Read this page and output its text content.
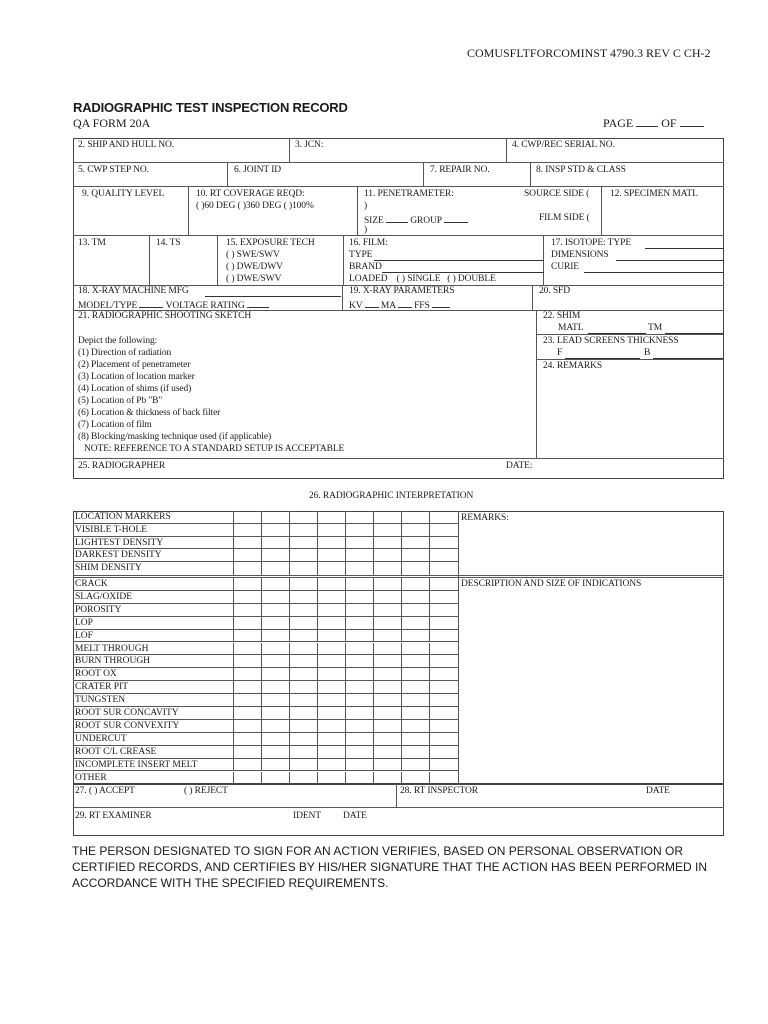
COMUSFLTFORCOMINST 4790.3 REV C CH-2
RADIOGRAPHIC TEST INSPECTION RECORD
QA FORM 20A	PAGE OF
2. SHIP AND HULL NO.	3. JCN:	4. CWP/REC SERIAL NO.
5. CWP STEP NO.	6. JOINT ID	7. REPAIR NO.	8. INSP STD & CLASS
9. QUALITY LEVEL	10. RT COVERAGE REQD:
( )60 DEG ( )360 DEG ( )100%
11. PENETRAMETER:	SOURCE SIDE (
)
SIZE	GROUP	FILM SIDE (
)
12. SPECIMEN MATL
13. TM	14. TS	15. EXPOSURE TECH
( ) SWE/SWV
( ) DWE/DWV
( ) DWE/SWV
16. FILM:
TYPE
BRAND
LOADED    ( ) SINGLE   ( ) DOUBLE
17. ISOTOPE: TYPE
DIMENSIONS
CURIE
18. X-RAY MACHINE MFG
MODEL/TYPE	VOLTAGE RATING
19. X-RAY PARAMETERS
KV MA FFS
20. SFD
21. RADIOGRAPHIC SHOOTING SKETCH
Depict the following:
(1) Direction of radiation
(2) Placement of penetrameter
(3) Location of location marker
(4) Location of shims (if used)
(5) Location of Pb "B"
(6) Location & thickness of back filter
(7) Location of film
(8) Blocking/masking technique used (if applicable)
NOTE: REFERENCE TO A STANDARD SETUP IS ACCEPTABLE
22. SHIM
MATL	TM
23. LEAD SCREENS THICKNESS
F	B
24. REMARKS
25. RADIOGRAPHER	DATE:
26. RADIOGRAPHIC INTERPRETATION
REMARKS:
DESCRIPTION AND SIZE OF INDICATIONS
LOCATION MARKERS
VISIBLE T-HOLE
LIGHTEST DENSITY
DARKEST DENSITY
SHIM DENSITY
CRACK
SLAG/OXIDE
POROSITY
LOP
LOF
MELT THROUGH
BURN THROUGH
ROOT OX
CRATER PIT
TUNGSTEN
ROOT SUR CONCAVITY
ROOT SUR CONVEXITY
UNDERCUT
ROOT C/L CREASE
INCOMPLETE INSERT MELT
OTHER
27. ( ) ACCEPT	( ) REJECT	28. RT INSPECTOR	DATE
29. RT EXAMINER	IDENT DATE
THE PERSON DESIGNATED TO SIGN FOR AN ACTION VERIFIES, BASED ON PERSONAL OBSERVATION OR CERTIFIED RECORDS, AND CERTIFIES BY HIS/HER SIGNATURE THAT THE ACTION HAS BEEN PERFORMED IN ACCORDANCE WITH THE SPECIFIED REQUIREMENTS.
